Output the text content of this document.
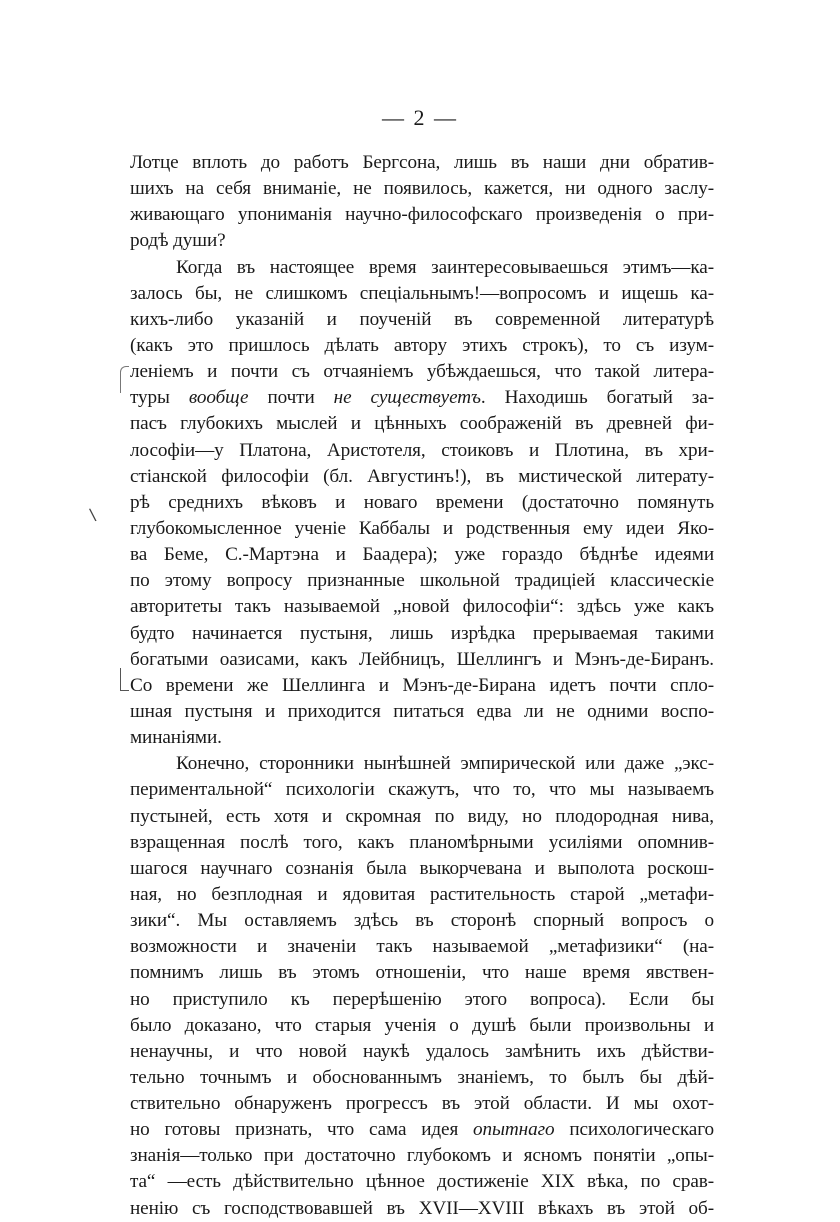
— 2 —
Лотце вплоть до работъ Бергсона, лишь въ наши дни обратив-
шихъ на себя вниманіе, не появилось, кажется, ни одного заслу-
живающаго упониманія научно-философскаго произведенія о при-
родѣ души?
Когда въ настоящее время заинтересовываешься этимъ—ка-
залось бы, не слишкомъ спеціальнымъ!—вопросомъ и ищешь ка-
кихъ-либо указаній и поученій въ современной литературѣ
(какъ это пришлось дѣлать автору этихъ строкъ), то съ изум-
леніемъ и почти съ отчаяніемъ убѣждаешься, что такой литера-
туры вообще почти не существуетъ. Находишь богатый за-
пасъ глубокихъ мыслей и цѣнныхъ соображеній въ древней фи-
лософіи—у Платона, Аристотеля, стоиковъ и Плотина, въ хри-
стіанской философіи (бл. Августинъ!), въ мистической литерату-
рѣ среднихъ вѣковъ и новаго времени (достаточно помянуть
глубокомысленное ученіе Каббалы и родственныя ему идеи Яко-
ва Беме, С.-Мартэна и Баадера); уже гораздо бѣднѣе идеями
по этому вопросу признанные школьной традиціей классическіе
авторитеты такъ называемой „новой философіи“: здѣсь уже какъ
будто начинается пустыня, лишь изрѣдка прерываемая такими
богатыми оазисами, какъ Лейбницъ, Шеллингъ и Мэнъ-де-Биранъ.
Со времени же Шеллинга и Мэнъ-де-Бирана идетъ почти спло-
шная пустыня и приходится питаться едва ли не одними воспо-
минаніями.
Конечно, сторонники нынѣшней эмпирической или даже „экс-
периментальной“ психологіи скажутъ, что то, что мы называемъ
пустыней, есть хотя и скромная по виду, но плодородная нива,
взращенная послѣ того, какъ планомѣрными усиліями опомнив-
шагося научнаго сознанія была выкорчевана и выполота роскош-
ная, но безплодная и ядовитая растительность старой „метафи-
зики“. Мы оставляемъ здѣсь въ сторонѣ спорный вопросъ о
возможности и значеніи такъ называемой „метафизики“ (на-
помнимъ лишь въ этомъ отношеніи, что наше время явствен-
но приступило къ перерѣшенію этого вопроса). Если бы
было доказано, что старыя ученія о душѣ были произвольны и
ненаучны, и что новой наукѣ удалось замѣнить ихъ дѣйстви-
тельно точнымъ и обоснованнымъ знаніемъ, то былъ бы дѣй-
ствительно обнаруженъ прогрессъ въ этой области. И мы охот-
но готовы признать, что сама идея опытнаго психологическаго
знанія—только при достаточно глубокомъ и ясномъ понятіи „опы-
та“ —есть дѣйствительно цѣнное достиженіе XIX вѣка, по срав-
ненію съ господствовавшей въ XVII—XVIII вѣкахъ въ этой об-
\
